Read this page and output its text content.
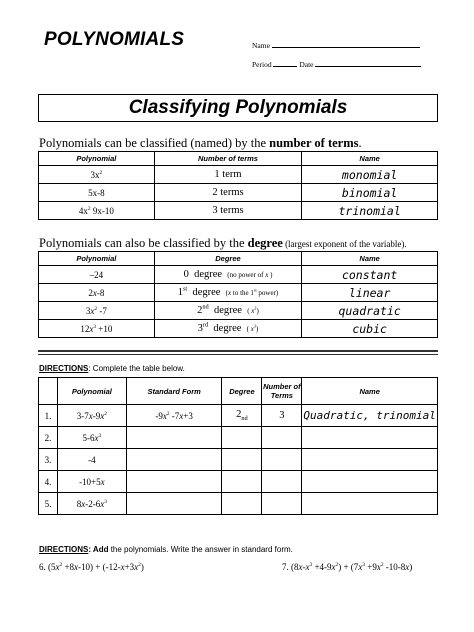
POLYNOMIALS	Name
Period	Date
Classifying Polynomials
Polynomials can be classified (named) by the number of terms.
Polynomial	Number of terms	Name
$3x^2$	1 term	monomial
5x-8	2 terms	binomial
$4x^2$ 9x-10	3 terms	trinomial
Polynomials can also be classified by the degree (largest exponent of the variable).
Polynomial	Degree	Name
–24	0  degree  (no power of x )	constant
2x-8	1st  degree  (x to the 1st power)	linear
$3x^2$ -7	2nd  degree  ( $x^2$)	quadratic
$12x^3 +10$	3rd  degree  ( $x^3$)	cubic
DIRECTIONS: Complete the table below.
	Polynomial	Standard Form	Degree	Number of Terms	Name
1.	$3-7x-9x^2$	$-9x^2$ -7x+3	$2_{nd}$	3	Quadratic, trinomial
2.	$5-6x^3$				
3.	-4				
4.	-10+5x				
5.	$8x-2-6x^3$				
DIRECTIONS: Add the polynomials. Write the answer in standard form.
6. $(5x^2 +8x-10) + (-12-x+3x^2)$	7. $(8x-x^3 +4-9x^2) + (7x^3 +9x^2$ -10-8x)
